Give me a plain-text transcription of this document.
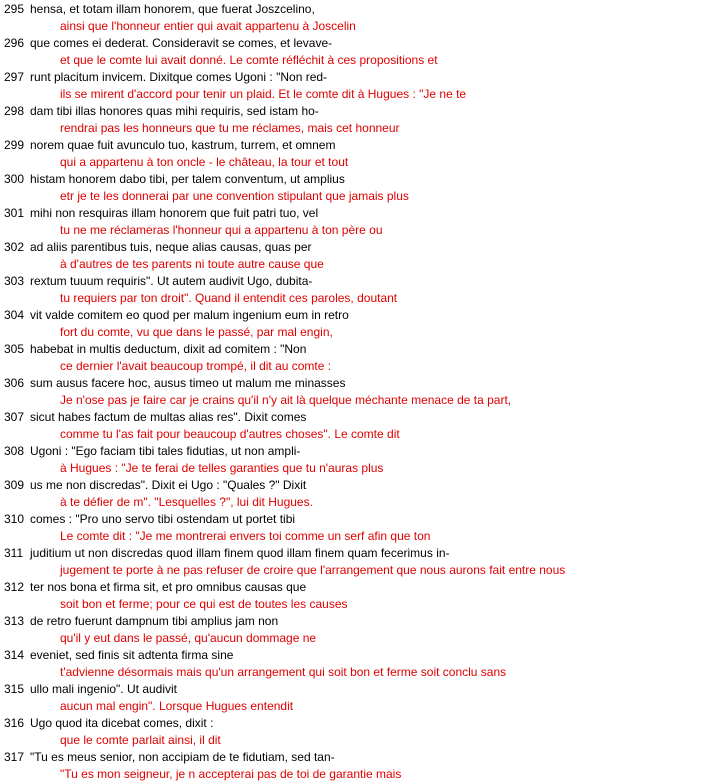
295 hensa, et totam illam honorem, que fuerat Joszcelino,
ainsi que l'honneur entier qui avait appartenu à Joscelin
296 que comes ei dederat. Consideravit se comes, et levave-
et que le comte lui avait donné. Le comte réfléchit à ces propositions et
297 runt placitum invicem. Dixitque comes Ugoni : "Non red-
ils se mirent d'accord pour tenir un plaid. Et le comte dit à Hugues : "Je ne te
298 dam tibi illas honores quas mihi requiris, sed istam ho-
rendrai pas les honneurs que tu me réclames, mais cet honneur
299 norem quae fuit avunculo tuo, kastrum, turrem, et omnem
qui a appartenu à ton oncle - le château, la tour et tout
300 histam honorem dabo tibi, per talem conventum, ut amplius
etr je te les donnerai par une convention stipulant que jamais plus
301 mihi non resquiras illam honorem que fuit patri tuo, vel
tu ne me réclameras l'honneur qui a appartenu à ton père ou
302 ad aliis parentibus tuis, neque alias causas, quas per
à d'autres de tes parents ni toute autre cause que
303 rextum tuuum requiris". Ut autem audivit Ugo, dubita-
tu requiers par ton droit". Quand il entendit ces paroles, doutant
304 vit valde comitem eo quod per malum ingenium eum in retro
fort du comte, vu que dans le passé, par mal engin,
305 habebat in multis deductum, dixit ad comitem : "Non
ce dernier l'avait beaucoup trompé, il dit au comte :
306 sum ausus facere hoc, ausus timeo ut malum me minasses
Je n'ose pas je faire car je crains qu'il n'y ait là quelque méchante menace de ta part,
307 sicut habes factum de multas alias res". Dixit comes
comme tu l'as fait pour beaucoup d'autres choses". Le comte dit
308 Ugoni : "Ego faciam tibi tales fidutias, ut non ampli-
à Hugues : "Je te ferai de telles garanties que tu n'auras plus
309 us me non discredas". Dixit ei Ugo : "Quales ?" Dixit
à te défier de m". "Lesquelles ?", lui dit Hugues.
310 comes : "Pro uno servo tibi ostendam ut portet tibi
Le comte dit : "Je me montrerai envers toi comme un serf afin que ton
311 juditium ut non discredas quod illam finem quod illam finem quam fecerimus in-
jugement te porte à ne pas refuser de croire que l'arrangement que nous aurons fait entre nous
312 ter nos bona et firma sit, et pro omnibus causas que
soit bon et ferme; pour ce qui est de toutes les causes
313 de retro fuerunt dampnum tibi amplius jam non
qu'il y eut dans le passé, qu'aucun dommage ne
314 eveniet, sed finis sit adtenta firma sine
t'advienne désormais mais qu'un arrangement qui soit bon et ferme soit conclu sans
315 ullo mali ingenio". Ut audivit
aucun mal engin". Lorsque Hugues entendit
316 Ugo quod ita dicebat comes, dixit :
que le comte parlait ainsi, il dit
317 "Tu es meus senior, non accipiam de te fidutiam, sed tan-
"Tu es mon seigneur, je n accepterai pas de toi de garantie mais
